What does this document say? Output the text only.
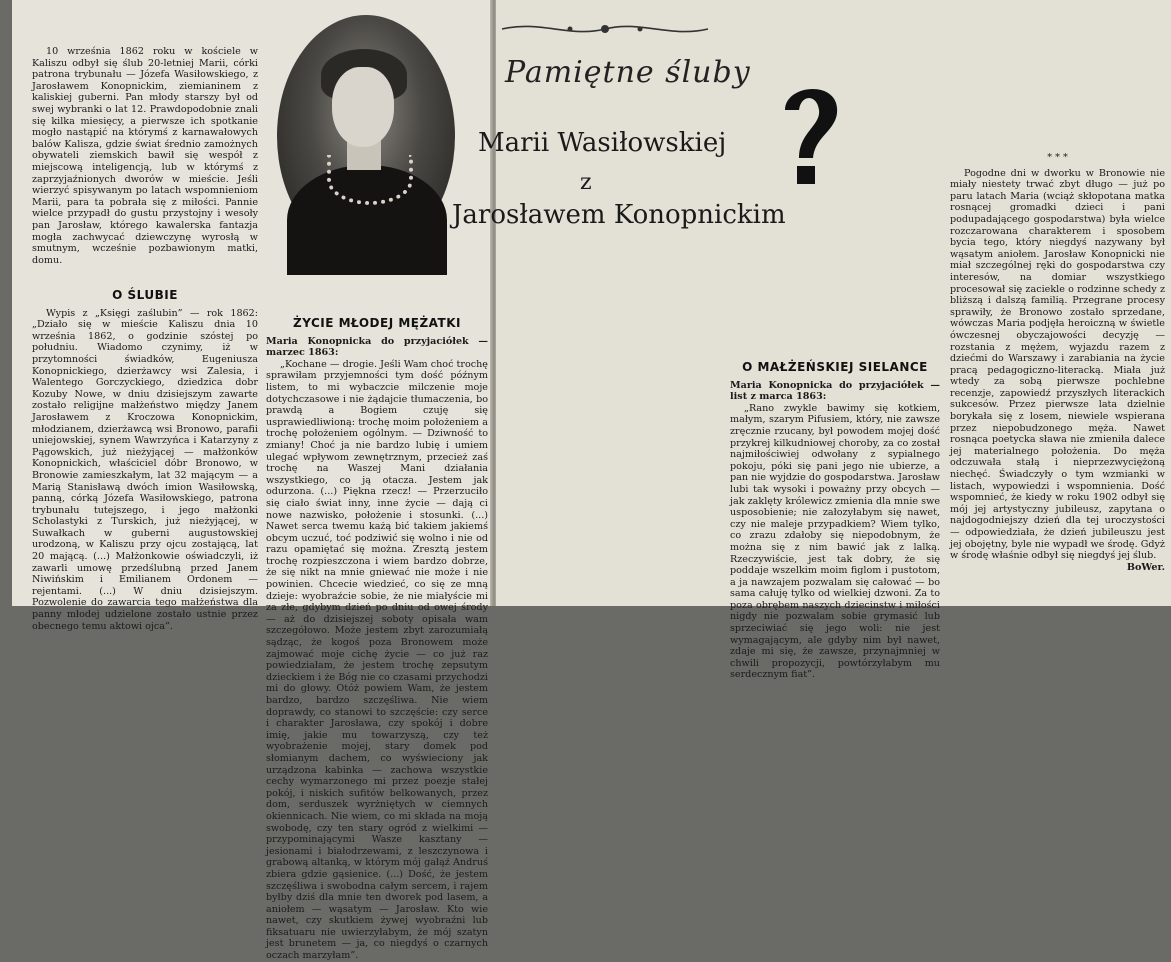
10 września 1862 roku w kościele w Kaliszu odbył się ślub 20-letniej Marii, córki patrona trybunału — Józefa Wasiłowskiego, z Jarosławem Konopnickim, ziemianinem z kaliskiej guberni. Pan młody starszy był od swej wybranki o lat 12. Prawdopodobnie znali się kilka miesięcy, a pierwsze ich spotkanie mogło nastąpić na którymś z karnawałowych balów Kalisza, gdzie świat średnio zamożnych obywateli ziemskich bawił się wespół z miejscową inteligencją, lub w którymś z zaprzyjaźnionych dworów w mieście. Jeśli wierzyć spisywanym po latach wspomnieniom Marii, para ta pobrała się z miłości. Pannie wielce przypadł do gustu przystojny i wesoły pan Jarosław, którego kawalerska fantazja mogła zachwycać dziewczynę wyrosłą w smutnym, wcześnie pozbawionym matki, domu.

O ŚLUBIE

Wypis z „Księgi zaślubin” — rok 1862: „Działo się w mieście Kaliszu dnia 10 września 1862, o godzinie szóstej po południu. Wiadomo czynimy, iż w przytomności świadków, Eugeniusza Konopnickiego, dzierżawcy wsi Zalesia, i Walentego Gorczyckiego, dziedzica dobr Kozuby Nowe, w dniu dzisiejszym zawarte zostało religijne małżeństwo między Janem Jarosławem z Kroczowa Konopnickim, młodzianem, dzierżawcą wsi Bronowo, parafii uniejowskiej, synem Wawrzyńca i Katarzyny z Pągowskich, już nieżyjącej — małżonków Konopnickich, właściciel dóbr Bronowo, w Bronowie zamieszkałym, lat 32 mającym — a Marią Stanisławą dwóch imion Wasiłowską, panną, córką Józefa Wasiłowskiego, patrona trybunału tutejszego, i jego małżonki Scholastyki z Turskich, już nieżyjącej, w Suwałkach w guberni augustowskiej urodzoną, w Kaliszu przy ojcu zostającą, lat 20 mającą. (...) Małżonkowie oświadczyli, iż zawarli umowę przedślubną przed Janem Niwińskim i Emilianem Ordonem — rejentami. (...) W dniu dzisiejszym. Pozwolenie do zawarcia tego małżeństwa dla panny młodej udzielone zostało ustnie przez obecnego temu aktowi ojca”.

ŻYCIE MŁODEJ MĘŻATKI

Maria Konopnicka do przyjaciółek — marzec 1863:

„Kochane — drogie. Jeśli Wam choć trochę sprawiłam przyjemności tym dość późnym listem, to mi wybaczcie milczenie moje dotychczasowe i nie żądajcie tłumaczenia, bo prawdą a Bogiem czuję się usprawiedliwioną: trochę moim położeniem a trochę położeniem ogólnym. — Dziwność to zmiany! Choć ja nie bardzo lubię i umiem ulegać wpływom zewnętrznym, przecież zaś trochę na Waszej Mani działania wszystkiego, co ją otacza. Jestem jak odurzona. (...) Piękna rzecz! — Przerzuciło się ciało świat inny, inne życie — dają ci nowe nazwisko, położenie i stosunki. (...) Nawet serca twemu każą bić takiem jakiemś obcym uczuć, toć podziwić się wolno i nie od razu opamiętać się można. Zresztą jestem trochę rozpieszczona i wiem bardzo dobrze, że się nikt na mnie gniewać nie może i nie powinien. Chcecie wiedzieć, co się ze mną dzieje: wyobraźcie sobie, że nie miałyście mi za złe, gdybym dzień po dniu od owej środy — aż do dzisiejszej soboty opisała wam szczegółowo. Może jestem zbyt zarozumiałą sądząc, że kogoś poza Bronowem może zajmować moje cichę życie — co już raz powiedziałam, że jestem trochę zepsutym dzieckiem i że Bóg nie co czasami przychodzi mi do głowy. Otóż powiem Wam, że jestem bardzo, bardzo szczęśliwa. Nie wiem doprawdy, co stanowi to szczęście: czy serce i charakter Jarosława, czy spokój i dobre imię, jakie mu towarzyszą, czy też wyobrażenie mojej, stary domek pod słomianym dachem, co wyświeciony jak urządzona kabinka — zachowa wszystkie cechy wymarzonego mi przez poezje stałej pokój, i niskich sufitów belkowanych, przez dom, serduszek wyrżniętych w ciemnych okiennicach. Nie wiem, co mi składa na moją swobodę, czy ten stary ogród z wielkimi — przypominającymi Wasze kasztany — jesionami i białodrzewami, z leszczynowa i grabową altanką, w którym mój gałąź Andruś zbiera gdzie gąsienice. (...) Dość, że jestem szczęśliwa i swobodna całym sercem, i rajem byłby dziś dla mnie ten dworek pod lasem, a aniołem — wąsatym — Jarosław. Kto wie nawet, czy skutkiem żywej wyobraźni lub fiksatuaru nie uwierzyłabym, że mój szatyn jest brunetem — ja, co niegdyś o czarnych oczach marzyłam”.

Pamiętne śluby
Marii Wasiłowskiej
z
Jarosławem Konopnickim
O MAŁŻEŃSKIEJ SIELANCE

Maria Konopnicka do przyjaciółek — list z marca 1863:

„Rano zwykle bawimy się kotkiem, małym, szarym Pifusiem, który, nie zawsze zręcznie rzucany, był powodem mojej dość przykrej kilkudniowej choroby, za co został najmiłościwiej odwołany z sypialnego pokoju, póki się pani jego nie ubierze, a pan nie wyjdzie do gospodarstwa. Jarosław lubi tak wysoki i poważny przy obcych — jak zaklęty królewicz zmienia dla mnie swe usposobienie; nie załozyłabym się nawet, czy nie maleje przypadkiem? Wiem tylko, co zrazu zdałoby się niepodobnym, że można się z nim bawić jak z lalką. Rzeczywiście, jest tak dobry, że się poddaje wszelkim moim figlom i pustotom, a ja nawzajem pozwalam się całować — bo sama całuję tylko od wielkiej dzwoni. Za to poza obrębem naszych dziecinstw i miłości nigdy nie pozwalam sobie grymasić lub sprzeciwiać się jego woli: nie jest wymagającym, ale gdyby nim był nawet, zdaje mi się, że zawsze, przynajmniej w chwili propozycji, powtórzyłabym mu serdecznym fiat”.

* * *

Pogodne dni w dworku w Bronowie nie miały niestety trwać zbyt długo — już po paru latach Maria (wciąż skłopotana matka rosnącej gromadki dzieci i pani podupadającego gospodarstwa) była wielce rozczarowana charakterem i sposobem bycia tego, który niegdyś nazywany był wąsatym aniołem. Jarosław Konopnicki nie miał szczególnej ręki do gospodarstwa czy interesów, na domiar wszystkiego procesował się zaciekle o rodzinne schedy z bliższą i dalszą familią. Przegrane procesy sprawiły, że Bronowo zostało sprzedane, wówczas Maria podjęła heroiczną w świetle ówczesnej obyczajowości decyzję — rozstania z mężem, wyjazdu razem z dziećmi do Warszawy i zarabiania na życie pracą pedagogiczno-literacką. Miała już wtedy za sobą pierwsze pochlebne recenzje, zapowiedź przyszłych literackich sukcesów. Przez pierwsze lata dzielnie borykała się z losem, niewiele wspierana przez niepobudzonego męża. Nawet rosnąca poetycka sława nie zmieniła dalece jej materialnego położenia. Do męża odczuwała stałą i nieprzezwyciężoną niechęć. Świadczyły o tym wzmianki w listach, wypowiedzi i wspomnienia. Dość wspomnieć, że kiedy w roku 1902 odbył się mój jej artystyczny jubileusz, zapytana o najdogodniejszy dzień dla tej uroczystości — odpowiedziała, że dzień jubileuszu jest jej obojętny, byle nie wypadł we środę. Gdyż w środę właśnie odbył się niegdyś jej ślub.

BoWer.
